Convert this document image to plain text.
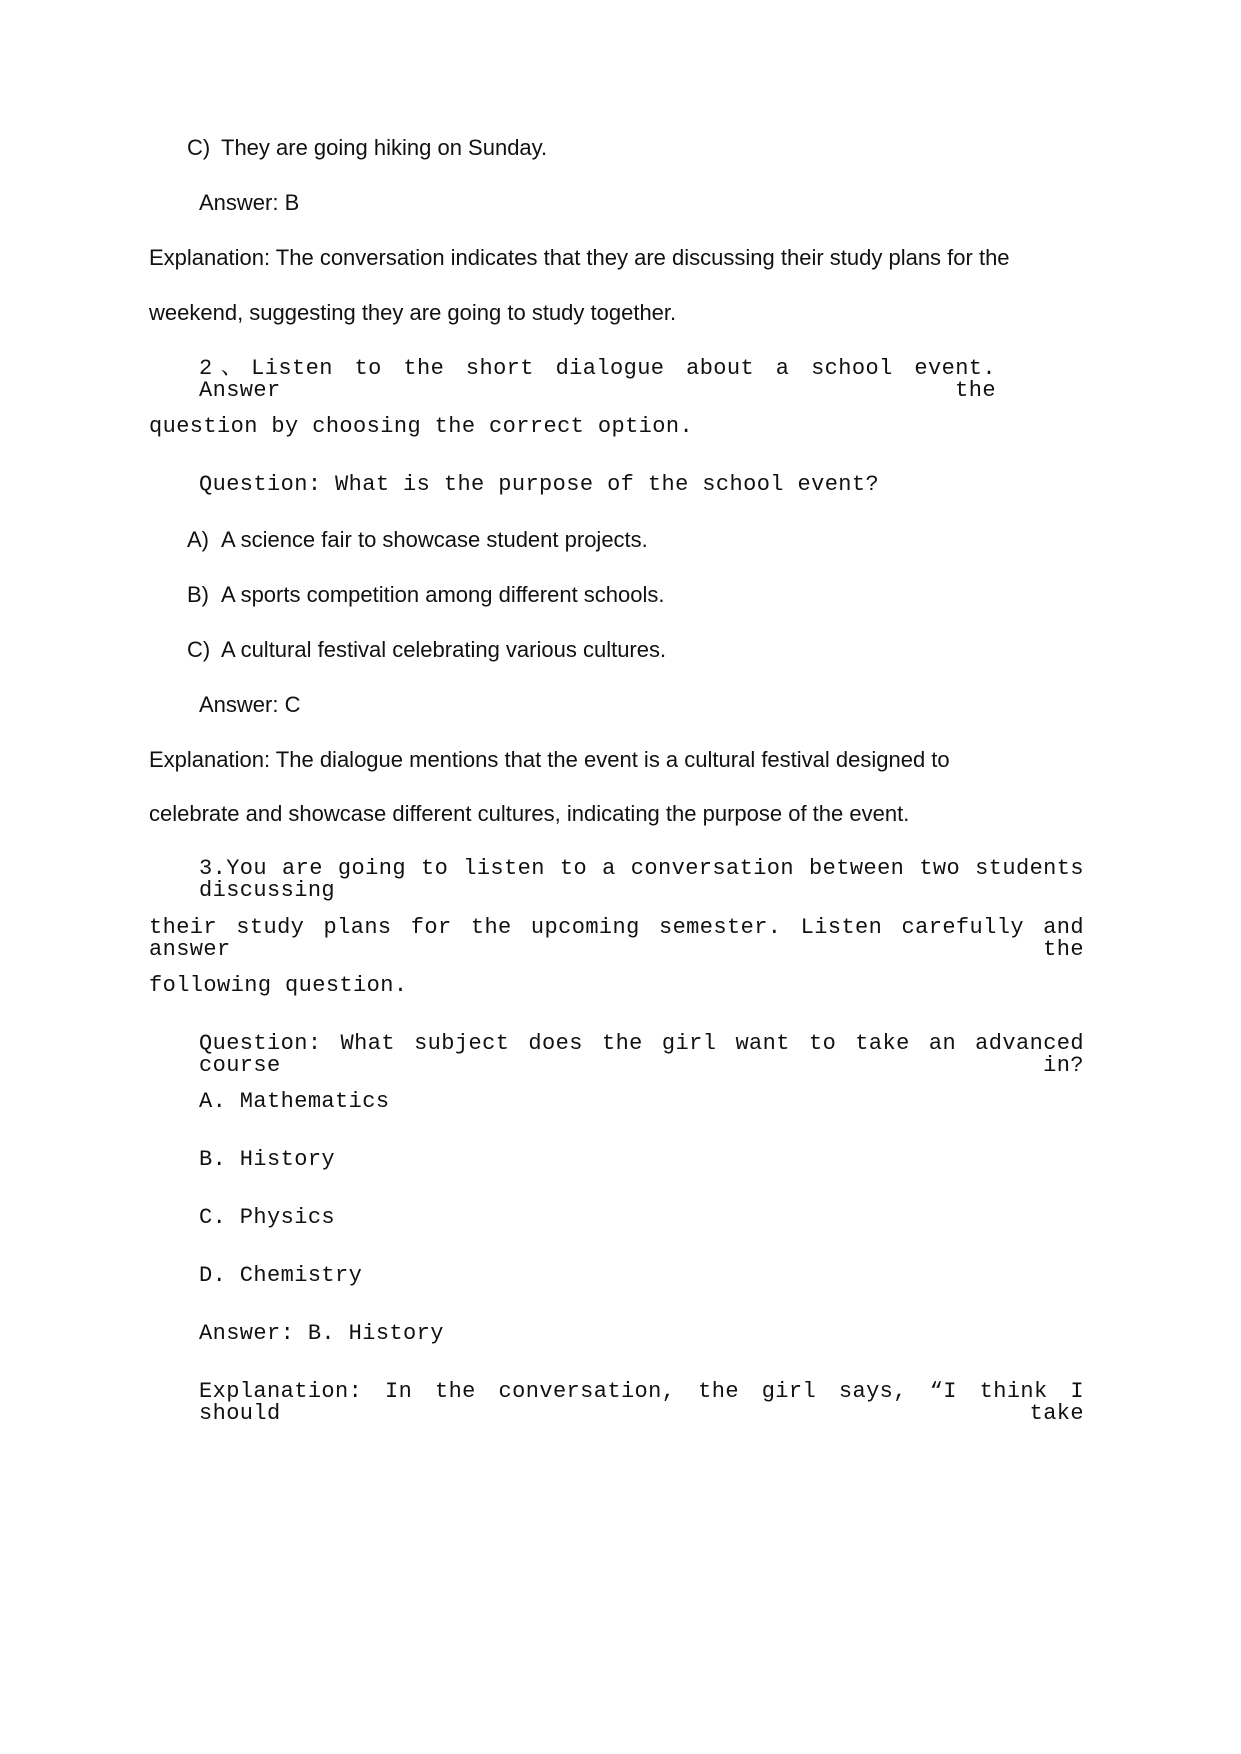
C) They are going hiking on Sunday.
Answer: B
Explanation: The conversation indicates that they are discussing their study plans for the
weekend, suggesting they are going to study together.
2、Listen to the short dialogue about a school event. Answer the
question by choosing the correct option.
Question: What is the purpose of the school event?
A) A science fair to showcase student projects.
B) A sports competition among different schools.
C) A cultural festival celebrating various cultures.
Answer: C
Explanation: The dialogue mentions that the event is a cultural festival designed to
celebrate and showcase different cultures, indicating the purpose of the event.
3.You are going to listen to a conversation between two students discussing
their study plans for the upcoming semester. Listen carefully and answer the
following question.
Question: What subject does the girl want to take an advanced course in?
A. Mathematics
B. History
C. Physics
D. Chemistry
Answer: B. History
Explanation: In the conversation, the girl says, “I think I should take
